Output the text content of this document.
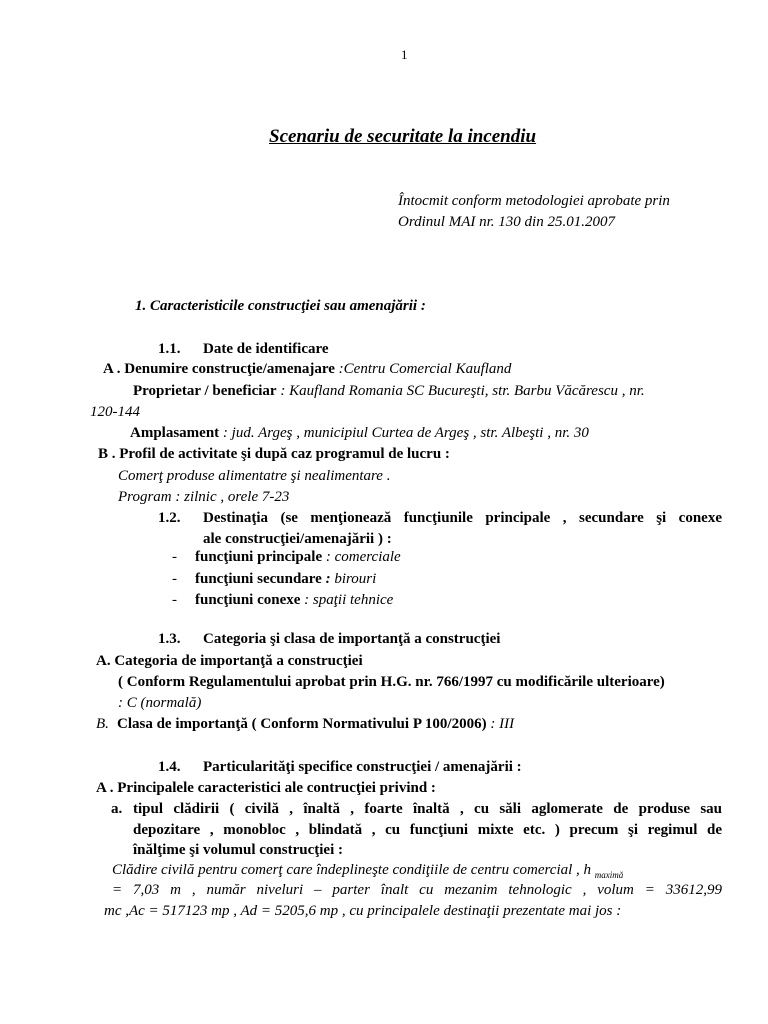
1
Scenariu de securitate la incendiu
Întocmit conform metodologiei aprobate prin
Ordinul MAI nr. 130 din 25.01.2007
1. Caracteristicile construcţiei sau amenajării :
1.1. Date de identificare
A . Denumire construcţie/amenajare :Centru Comercial Kaufland
Proprietar / beneficiar : Kaufland Romania SC Bucureşti, str. Barbu Văcărescu , nr.
120-144
Amplasament : jud. Argeş , municipiul Curtea de Argeş , str. Albeşti , nr. 30
B . Profil de activitate şi după caz programul de lucru :
Comerţ produse alimentatre şi nealimentare .
Program : zilnic , orele 7-23
1.2. Destinaţia (se menţionează funcţiunile principale , secundare şi conexe
ale construcţiei/amenajării ) :
- funcţiuni principale : comerciale
- funcţiuni secundare : birouri
- funcţiuni conexe : spaţii tehnice
1.3. Categoria şi clasa de importanţă a construcţiei
A. Categoria de importanţă a construcţiei
( Conform Regulamentului aprobat prin H.G. nr. 766/1997 cu modificările ulterioare)
: C (normală)
B. Clasa de importanţă ( Conform Normativului P 100/2006) : III
1.4. Particularităţi specifice construcţiei / amenajării :
A . Principalele caracteristici ale contrucţiei privind :
a. tipul clădirii ( civilă , înaltă , foarte înaltă , cu săli aglomerate de produse sau
depozitare , monobloc , blindată , cu funcţiuni mixte etc. ) precum şi regimul de
înălţime şi volumul construcţiei :
Clădire civilă pentru comerţ care îndeplineşte condiţiile de centru comercial , h $_{maximă}$
= 7,03 m , număr niveluri – parter înalt cu mezanim tehnologic , volum = 33612,99
mc ,Ac = 517123 mp , Ad = 5205,6 mp , cu principalele destinaţii prezentate mai jos :
